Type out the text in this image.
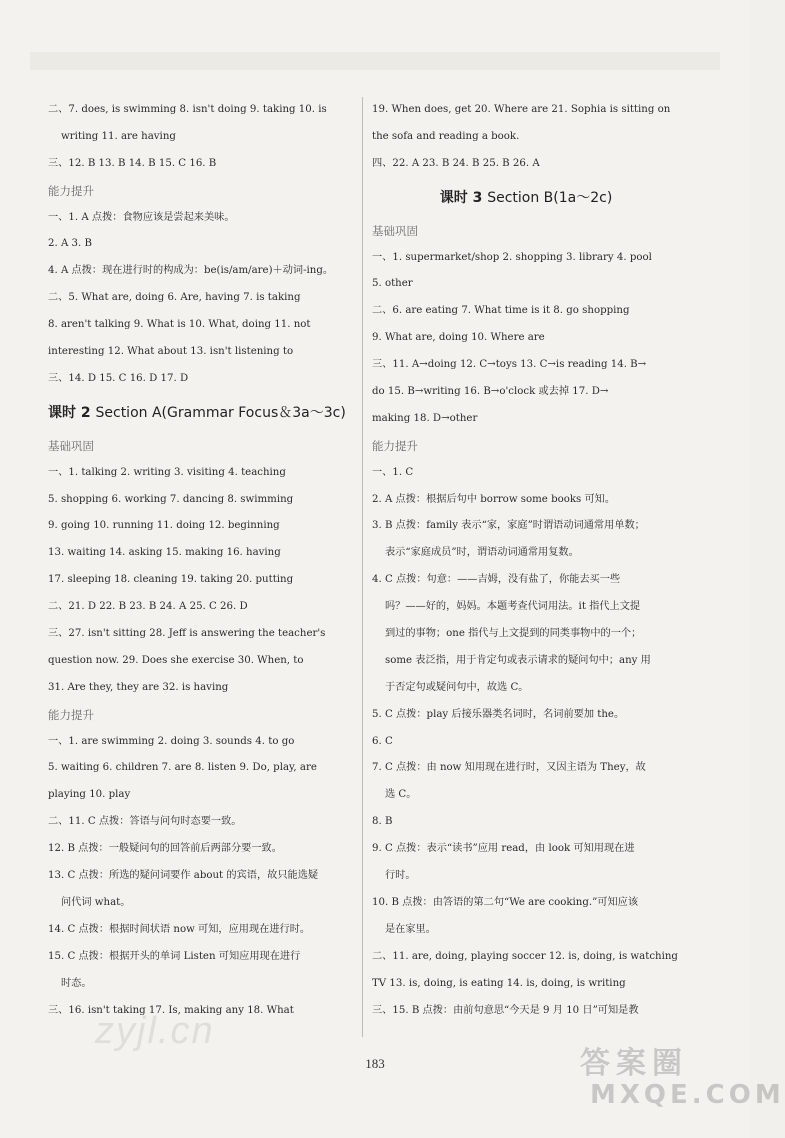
二、7. does, is swimming 8. isn't doing 9. taking 10. is
writing 11. are having
三、12. B 13. B 14. B 15. C 16. B
能力提升
一、1. A 点拨：食物应该是尝起来美味。
2. A 3. B
4. A 点拨：现在进行时的构成为：be(is/am/are)＋动词-ing。
二、5. What are, doing 6. Are, having 7. is taking
8. aren't talking 9. What is 10. What, doing 11. not
interesting 12. What about 13. isn't listening to
三、14. D 15. C 16. D 17. D
课时 2 Section A(Grammar Focus＆3a～3c)
基础巩固
一、1. talking 2. writing 3. visiting 4. teaching
5. shopping 6. working 7. dancing 8. swimming
9. going 10. running 11. doing 12. beginning
13. waiting 14. asking 15. making 16. having
17. sleeping 18. cleaning 19. taking 20. putting
二、21. D 22. B 23. B 24. A 25. C 26. D
三、27. isn't sitting 28. Jeff is answering the teacher's
question now. 29. Does she exercise 30. When, to
31. Are they, they are 32. is having
能力提升
一、1. are swimming 2. doing 3. sounds 4. to go
5. waiting 6. children 7. are 8. listen 9. Do, play, are
playing 10. play
二、11. C 点拨：答语与问句时态要一致。
12. B 点拨：一般疑问句的回答前后两部分要一致。
13. C 点拨：所选的疑问词要作 about 的宾语，故只能选疑
问代词 what。
14. C 点拨：根据时间状语 now 可知，应用现在进行时。
15. C 点拨：根据开头的单词 Listen 可知应用现在进行
时态。
三、16. isn't taking 17. Is, making any 18. What
19. When does, get 20. Where are 21. Sophia is sitting on
the sofa and reading a book.
四、22. A 23. B 24. B 25. B 26. A
课时 3 Section B(1a～2c)
基础巩固
一、1. supermarket/shop 2. shopping 3. library 4. pool
5. other
二、6. are eating 7. What time is it 8. go shopping
9. What are, doing 10. Where are
三、11. A→doing 12. C→toys 13. C→is reading 14. B→
do 15. B→writing 16. B→o'clock 或去掉 17. D→
making 18. D→other
能力提升
一、1. C
2. A 点拨：根据后句中 borrow some books 可知。
3. B 点拨：family 表示“家，家庭”时谓语动词通常用单数；
表示“家庭成员”时，谓语动词通常用复数。
4. C 点拨：句意：——吉姆，没有盐了，你能去买一些
吗？——好的，妈妈。本题考查代词用法。it 指代上文提
到过的事物；one 指代与上文提到的同类事物中的一个；
some 表泛指，用于肯定句或表示请求的疑问句中；any 用
于否定句或疑问句中，故选 C。
5. C 点拨：play 后接乐器类名词时，名词前要加 the。
6. C
7. C 点拨：由 now 知用现在进行时，又因主语为 They，故
选 C。
8. B
9. C 点拨：表示“读书”应用 read，由 look 可知用现在进
行时。
10. B 点拨：由答语的第二句“We are cooking.”可知应该
是在家里。
二、11. are, doing, playing soccer 12. is, doing, is watching
TV 13. is, doing, is eating 14. is, doing, is writing
三、15. B 点拨：由前句意思“今天是 9 月 10 日”可知是教
183
zyjl.cn
答案圈
MXQE.COM
